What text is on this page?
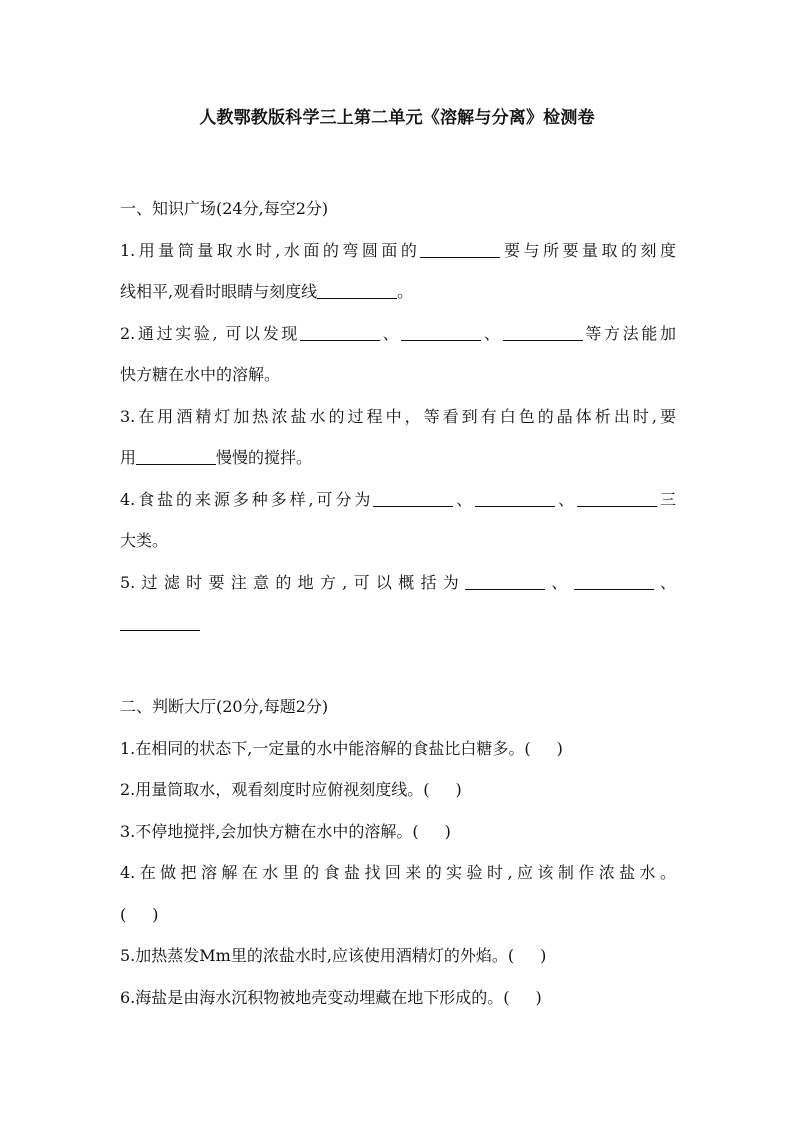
人教鄂教版科学三上第二单元《溶解与分离》检测卷
一、知识广场(24分,每空2分)
1.用量筒量取水时,水面的弯圆面的	要与所要量取的刻度
线相平,观看时眼睛与刻度线	。
2.通过实验, 可以发现	、	、	等方法能加
快方糖在水中的溶解。
3.在用酒精灯加热浓盐水的过程中，等看到有白色的晶体析出时,要
用	慢慢的搅拌。
4.食盐的来源多种多样,可分为	、	、	三
大类。
5.过滤时要注意的地方,可以概括为	、	、
二、判断大厅(20分,每题2分)
1.在相同的状态下,一定量的水中能溶解的食盐比白糖多。( )
2.用量筒取水，观看刻度时应俯视刻度线。( )
3.不停地搅拌,会加快方糖在水中的溶解。( )
4.在做把溶解在水里的食盐找回来的实验时,应该制作浓盐水。
( )
5.加热蒸发Mm里的浓盐水时,应该使用酒精灯的外焰。( )
6.海盐是由海水沉积物被地壳变动埋藏在地下形成的。( )
